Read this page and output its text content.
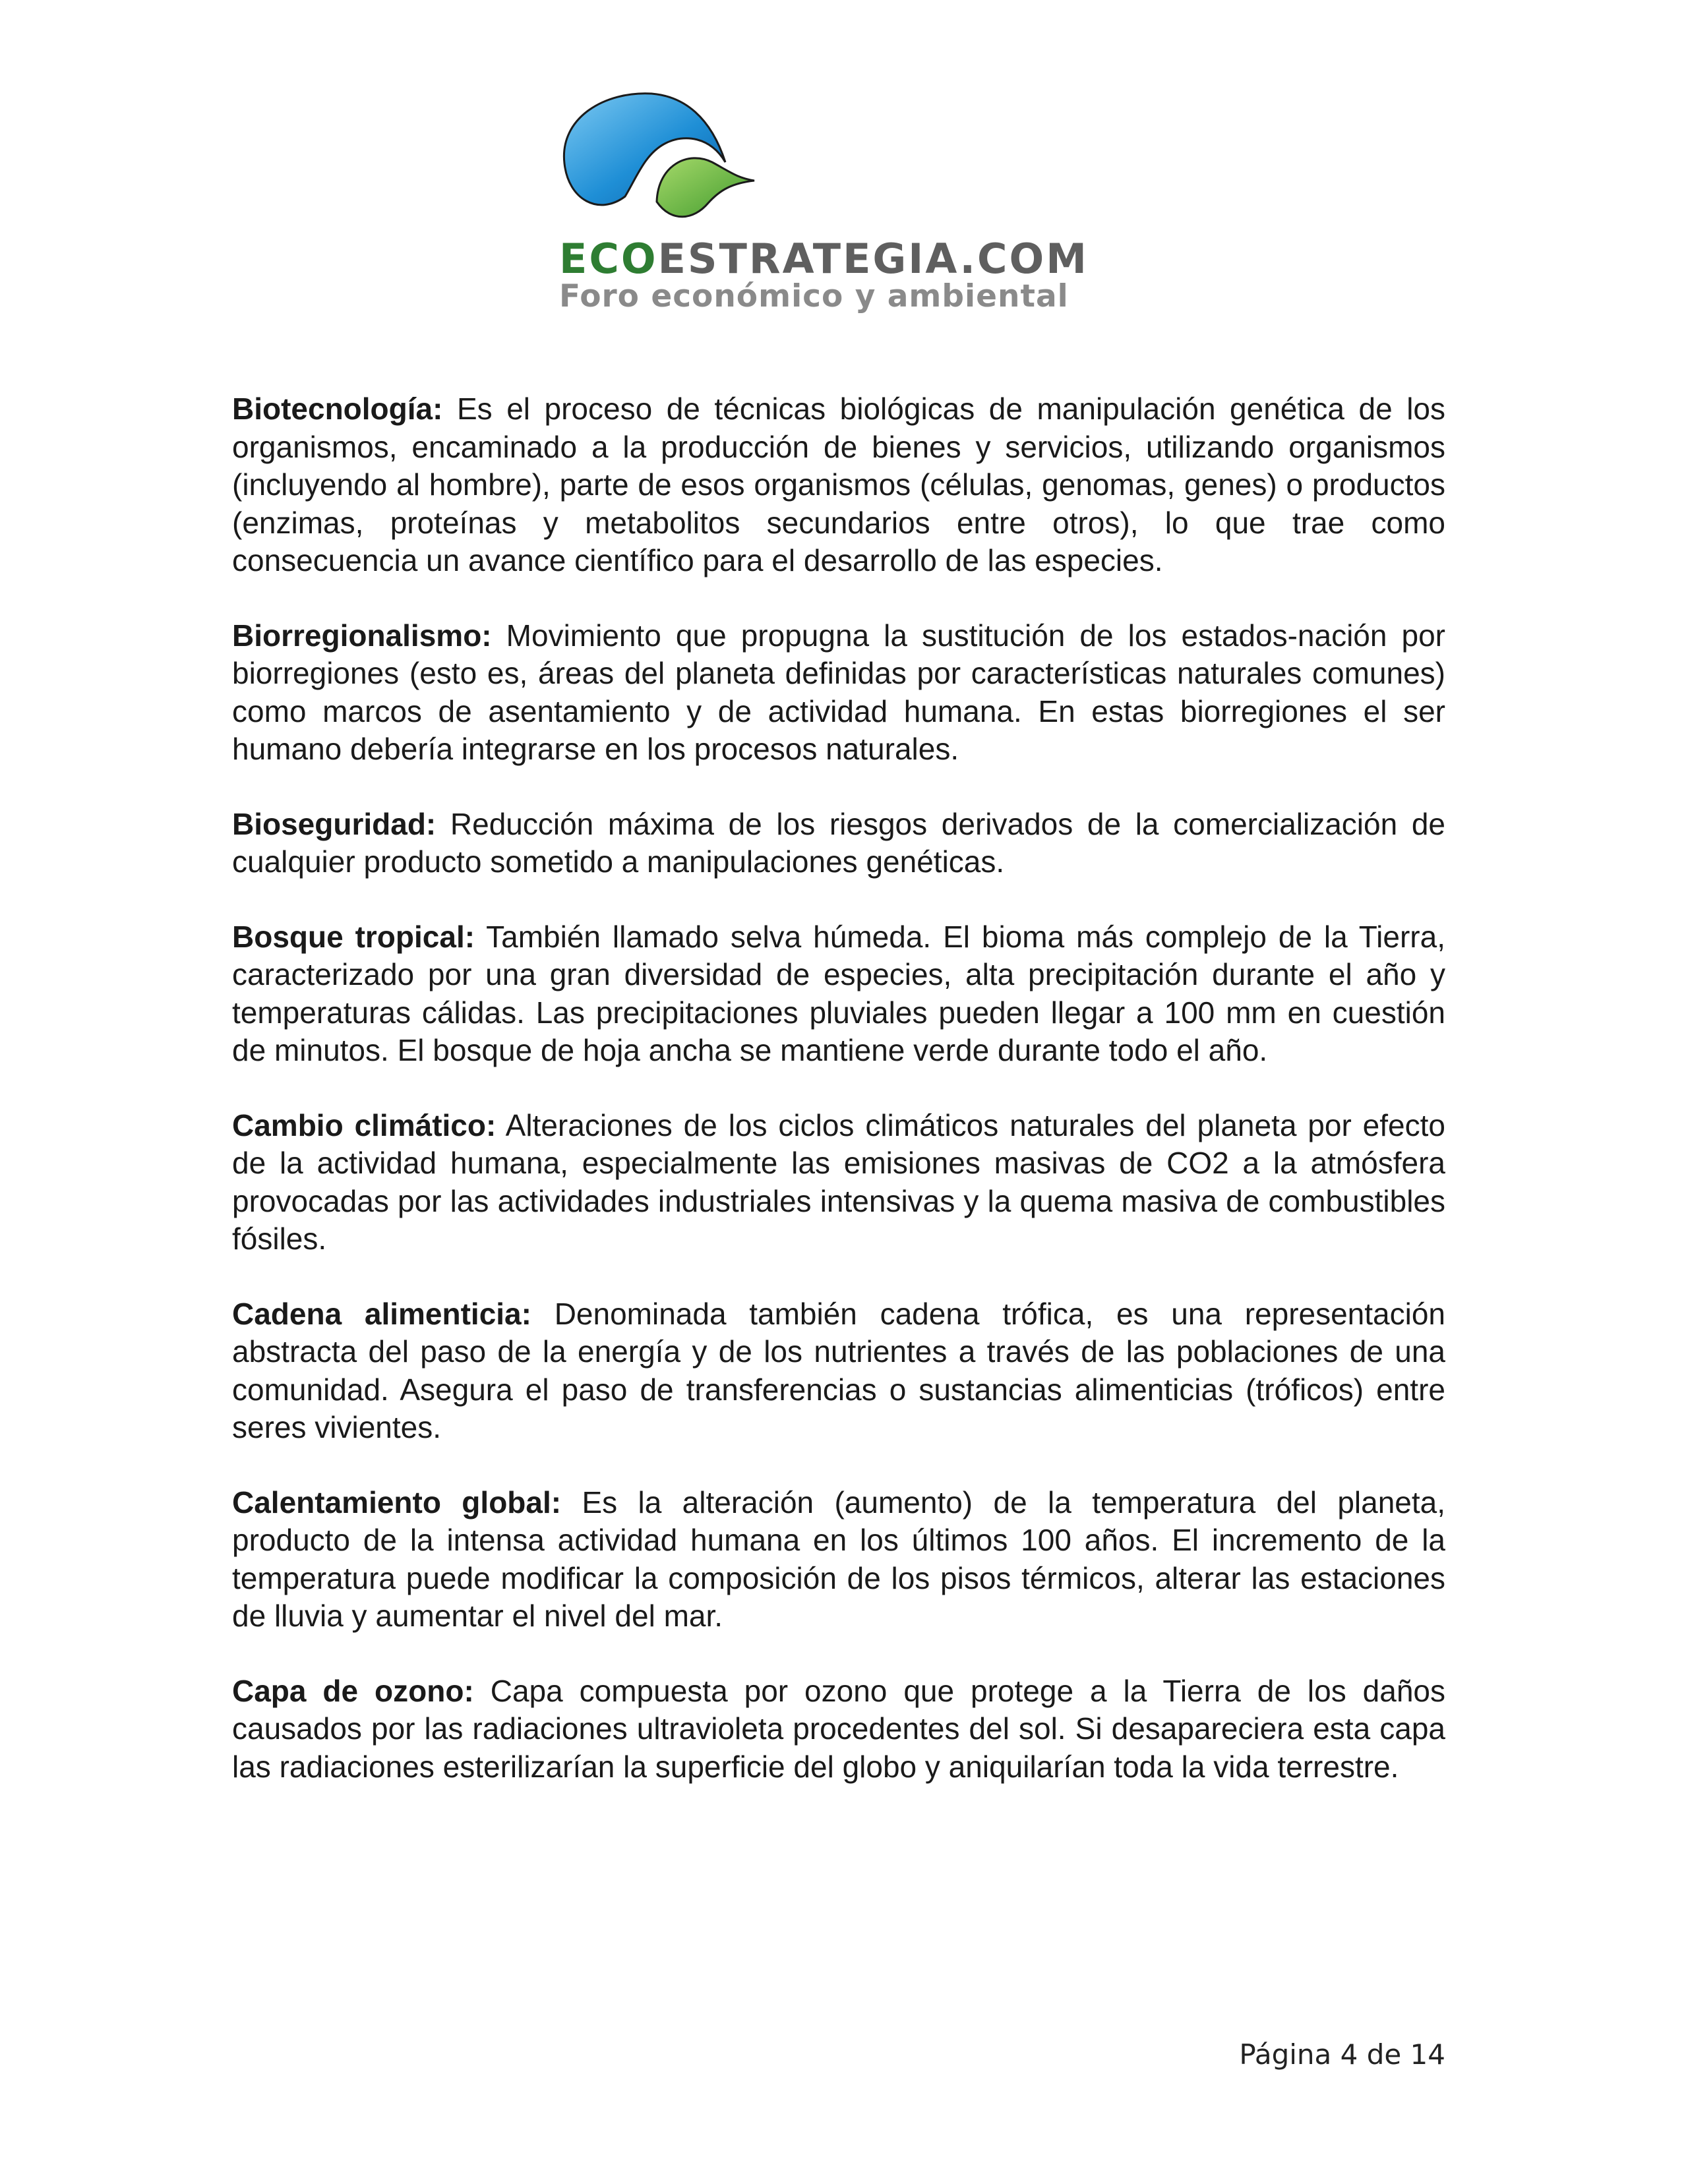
ECOESTRATEGIA.COM
Foro económico y ambiental

Biotecnología: Es el proceso de técnicas biológicas de manipulación genética de los organismos, encaminado a la producción de bienes y servicios, utilizando organismos (incluyendo al hombre), parte de esos organismos (células, genomas, genes) o productos (enzimas, proteínas y metabolitos secundarios entre otros), lo que trae como consecuencia un avance científico para el desarrollo de las especies.

Biorregionalismo: Movimiento que propugna la sustitución de los estados-nación por biorregiones (esto es, áreas del planeta definidas por características naturales comunes) como marcos de asentamiento y de actividad humana. En estas biorregiones el ser humano debería integrarse en los procesos naturales.

Bioseguridad: Reducción máxima de los riesgos derivados de la comercialización de cualquier producto sometido a manipulaciones genéticas.

Bosque tropical: También llamado selva húmeda. El bioma más complejo de la Tierra, caracterizado por una gran diversidad de especies, alta precipitación durante el año y temperaturas cálidas. Las precipitaciones pluviales pueden llegar a 100 mm en cuestión de minutos. El bosque de hoja ancha se mantiene verde durante todo el año.

Cambio climático: Alteraciones de los ciclos climáticos naturales del planeta por efecto de la actividad humana, especialmente las emisiones masivas de CO2 a la atmósfera provocadas por las actividades industriales intensivas y la quema masiva de combustibles fósiles.

Cadena alimenticia: Denominada también cadena trófica, es una representación abstracta del paso de la energía y de los nutrientes a través de las poblaciones de una comunidad. Asegura el paso de transferencias o sustancias alimenticias (tróficos) entre seres vivientes.

Calentamiento global: Es la alteración (aumento) de la temperatura del planeta, producto de la intensa actividad humana en los últimos 100 años. El incremento de la temperatura puede modificar la composición de los pisos térmicos, alterar las estaciones de lluvia y aumentar el nivel del mar.

Capa de ozono: Capa compuesta por ozono que protege a la Tierra de los daños causados por las radiaciones ultravioleta procedentes del sol. Si desapareciera esta capa las radiaciones esterilizarían la superficie del globo y aniquilarían toda la vida terrestre.

Página 4 de 14
